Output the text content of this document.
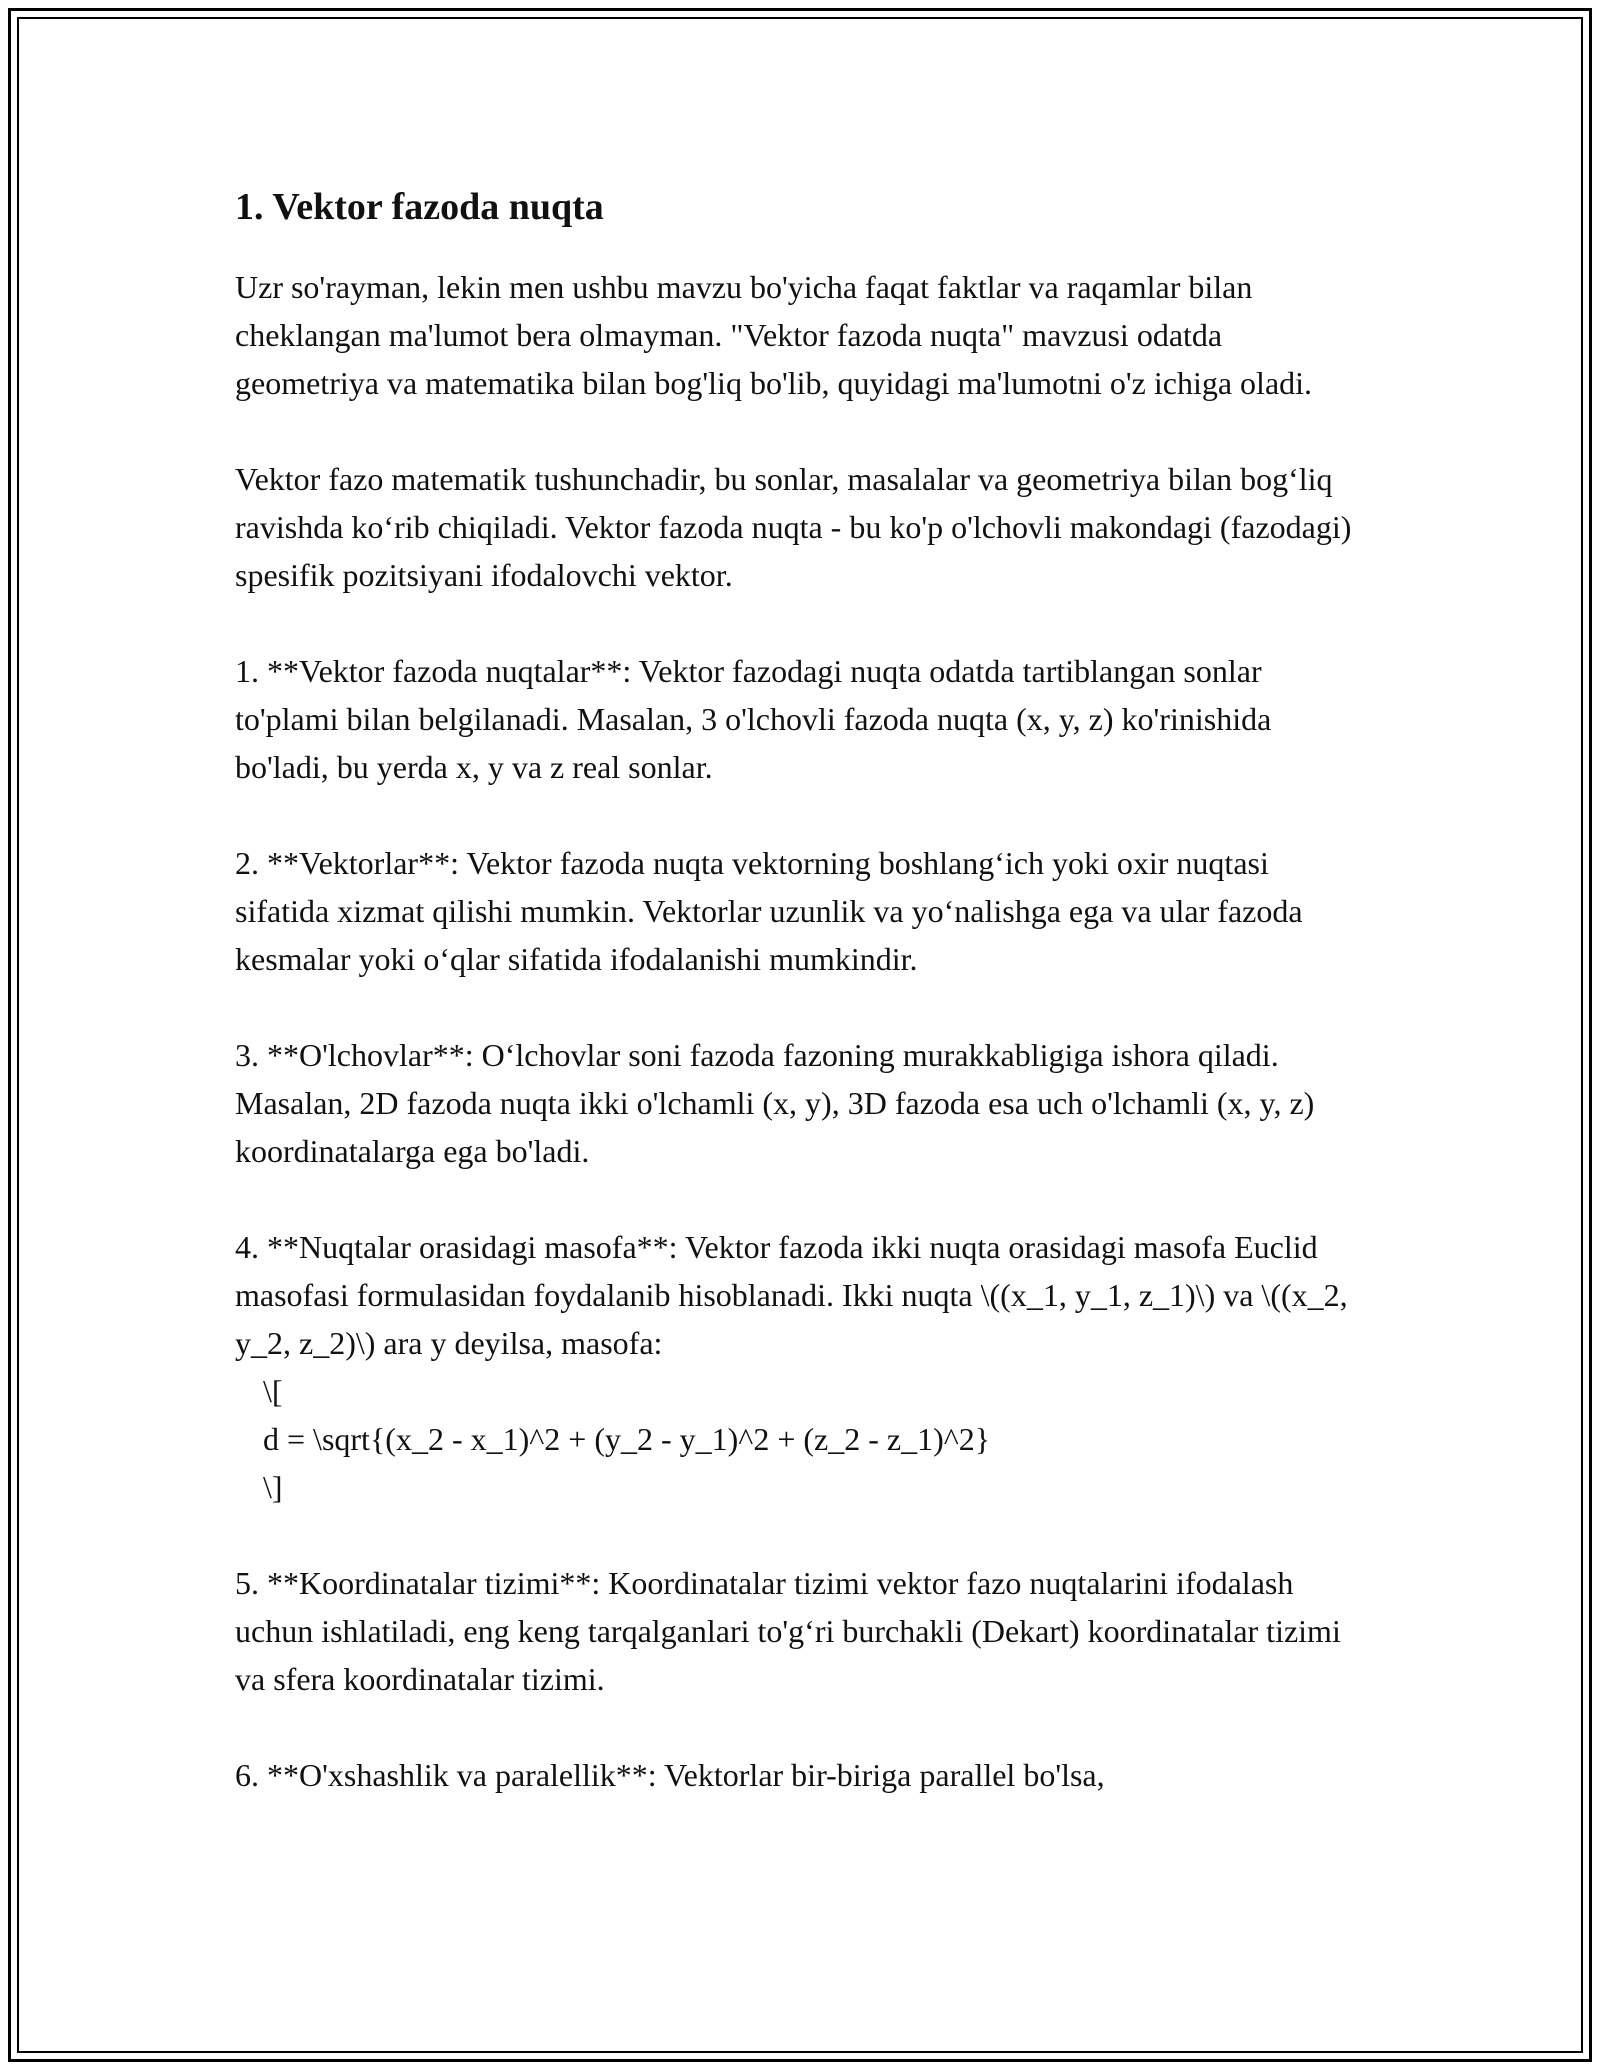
1. Vektor fazoda nuqta

Uzr so'rayman, lekin men ushbu mavzu bo'yicha faqat faktlar va raqamlar bilan cheklangan ma'lumot bera olmayman. "Vektor fazoda nuqta" mavzusi odatda geometriya va matematika bilan bog'liq bo'lib, quyidagi ma'lumotni o'z ichiga oladi.

Vektor fazo matematik tushunchadir, bu sonlar, masalalar va geometriya bilan bog‘liq ravishda ko‘rib chiqiladi. Vektor fazoda nuqta - bu ko'p o'lchovli makondagi (fazodagi) spesifik pozitsiyani ifodalovchi vektor.

1. **Vektor fazoda nuqtalar**: Vektor fazodagi nuqta odatda tartiblangan sonlar to'plami bilan belgilanadi. Masalan, 3 o'lchovli fazoda nuqta (x, y, z) ko'rinishida bo'ladi, bu yerda x, y va z real sonlar.

2. **Vektorlar**: Vektor fazoda nuqta vektorning boshlang‘ich yoki oxir nuqtasi sifatida xizmat qilishi mumkin. Vektorlar uzunlik va yo‘nalishga ega va ular fazoda kesmalar yoki o‘qlar sifatida ifodalanishi mumkindir.

3. **O'lchovlar**: O‘lchovlar soni fazoda fazoning murakkabligiga ishora qiladi. Masalan, 2D fazoda nuqta ikki o'lchamli (x, y), 3D fazoda esa uch o'lchamli (x, y, z) koordinatalarga ega bo'ladi.

4. **Nuqtalar orasidagi masofa**: Vektor fazoda ikki nuqta orasidagi masofa Euclid masofasi formulasidan foydalanib hisoblanadi. Ikki nuqta \((x_1, y_1, z_1)\) va \((x_2, y_2, z_2)\) ara y deyilsa, masofa:

\[
d = \sqrt{(x_2 - x_1)^2 + (y_2 - y_1)^2 + (z_2 - z_1)^2}
\]

5. **Koordinatalar tizimi**: Koordinatalar tizimi vektor fazo nuqtalarini ifodalash uchun ishlatiladi, eng keng tarqalganlari to'g‘ri burchakli (Dekart) koordinatalar tizimi va sfera koordinatalar tizimi.

6. **O'xshashlik va paralellik**: Vektorlar bir-biriga parallel bo'lsa,
